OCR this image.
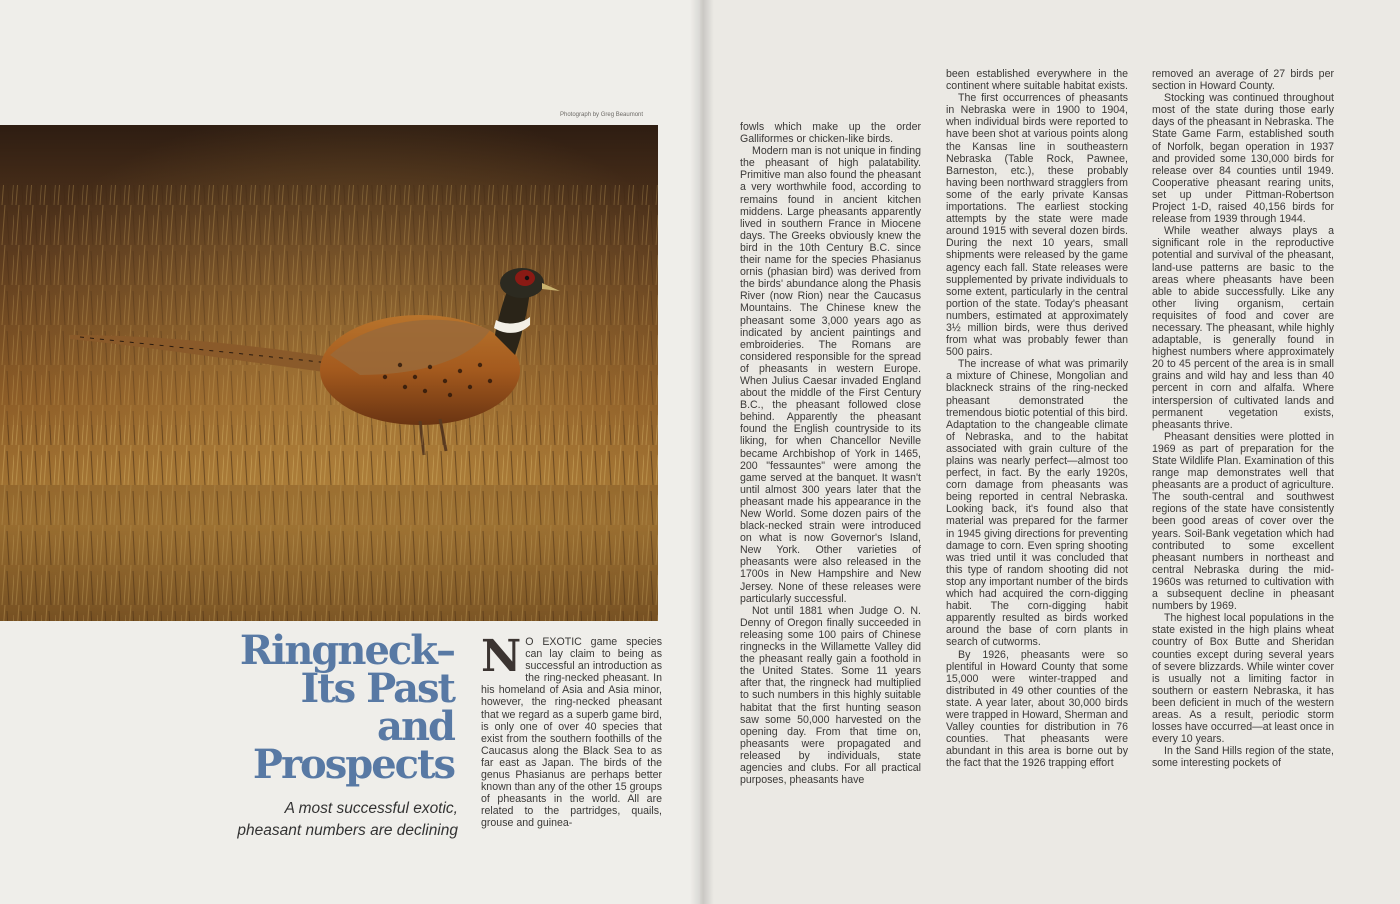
Photograph by Greg Beaumont
Ringneck–
Its Past
and
Prospects
A most successful exotic,
pheasant numbers are declining
N O EXOTIC game species can lay claim to being as successful an introduction as the ring-necked pheasant. In his homeland of Asia and Asia minor, however, the ring-necked pheasant that we regard as a superb game bird, is only one of over 40 species that exist from the southern foothills of the Caucasus along the Black Sea to as far east as Japan. The birds of the genus Phasianus are perhaps better known than any of the other 15 groups of pheasants in the world. All are related to the partridges, quails, grouse and guinea-

fowls which make up the order Galliformes or chicken-like birds.

Modern man is not unique in finding the pheasant of high palatability. Primitive man also found the pheasant a very worthwhile food, according to remains found in ancient kitchen middens. Large pheasants apparently lived in southern France in Miocene days. The Greeks obviously knew the bird in the 10th Century B.C. since their name for the species Phasianus ornis (phasian bird) was derived from the birds' abundance along the Phasis River (now Rion) near the Caucasus Mountains. The Chinese knew the pheasant some 3,000 years ago as indicated by ancient paintings and embroideries. The Romans are considered responsible for the spread of pheasants in western Europe. When Julius Caesar invaded England about the middle of the First Century B.C., the pheasant followed close behind. Apparently the pheasant found the English countryside to its liking, for when Chancellor Neville became Archbishop of York in 1465, 200 "fessauntes" were among the game served at the banquet. It wasn't until almost 300 years later that the pheasant made his appearance in the New World. Some dozen pairs of the black-necked strain were introduced on what is now Governor's Island, New York. Other varieties of pheasants were also released in the 1700s in New Hampshire and New Jersey. None of these releases were particularly successful.

Not until 1881 when Judge O. N. Denny of Oregon finally succeeded in releasing some 100 pairs of Chinese ringnecks in the Willamette Valley did the pheasant really gain a foothold in the United States. Some 11 years after that, the ringneck had multiplied to such numbers in this highly suitable habitat that the first hunting season saw some 50,000 harvested on the opening day. From that time on, pheasants were propagated and released by individuals, state agencies and clubs. For all practical purposes, pheasants have

been established everywhere in the continent where suitable habitat exists.

The first occurrences of pheasants in Nebraska were in 1900 to 1904, when individual birds were reported to have been shot at various points along the Kansas line in southeastern Nebraska (Table Rock, Pawnee, Barneston, etc.), these probably having been northward stragglers from some of the early private Kansas importations. The earliest stocking attempts by the state were made around 1915 with several dozen birds. During the next 10 years, small shipments were released by the game agency each fall. State releases were supplemented by private individuals to some extent, particularly in the central portion of the state. Today's pheasant numbers, estimated at approximately 3½ million birds, were thus derived from what was probably fewer than 500 pairs.

The increase of what was primarily a mixture of Chinese, Mongolian and blackneck strains of the ring-necked pheasant demonstrated the tremendous biotic potential of this bird. Adaptation to the changeable climate of Nebraska, and to the habitat associated with grain culture of the plains was nearly perfect—almost too perfect, in fact. By the early 1920s, corn damage from pheasants was being reported in central Nebraska. Looking back, it's found also that material was prepared for the farmer in 1945 giving directions for preventing damage to corn. Even spring shooting was tried until it was concluded that this type of random shooting did not stop any important number of the birds which had acquired the corn-digging habit. The corn-digging habit apparently resulted as birds worked around the base of corn plants in search of cutworms.

By 1926, pheasants were so plentiful in Howard County that some 15,000 were winter-trapped and distributed in 49 other counties of the state. A year later, about 30,000 birds were trapped in Howard, Sherman and Valley counties for distribution in 76 counties. That pheasants were abundant in this area is borne out by the fact that the 1926 trapping effort

removed an average of 27 birds per section in Howard County.

Stocking was continued throughout most of the state during those early days of the pheasant in Nebraska. The State Game Farm, established south of Norfolk, began operation in 1937 and provided some 130,000 birds for release over 84 counties until 1949. Cooperative pheasant rearing units, set up under Pittman-Robertson Project 1-D, raised 40,156 birds for release from 1939 through 1944.

While weather always plays a significant role in the reproductive potential and survival of the pheasant, land-use patterns are basic to the areas where pheasants have been able to abide successfully. Like any other living organism, certain requisites of food and cover are necessary. The pheasant, while highly adaptable, is generally found in highest numbers where approximately 20 to 45 percent of the area is in small grains and wild hay and less than 40 percent in corn and alfalfa. Where interspersion of cultivated lands and permanent vegetation exists, pheasants thrive.

Pheasant densities were plotted in 1969 as part of preparation for the State Wildlife Plan. Examination of this range map demonstrates well that pheasants are a product of agriculture. The south-central and southwest regions of the state have consistently been good areas of cover over the years. Soil-Bank vegetation which had contributed to some excellent pheasant numbers in northeast and central Nebraska during the mid-1960s was returned to cultivation with a subsequent decline in pheasant numbers by 1969.

The highest local populations in the state existed in the high plains wheat country of Box Butte and Sheridan counties except during several years of severe blizzards. While winter cover is usually not a limiting factor in southern or eastern Nebraska, it has been deficient in much of the western areas. As a result, periodic storm losses have occurred—at least once in every 10 years.

In the Sand Hills region of the state, some interesting pockets of
